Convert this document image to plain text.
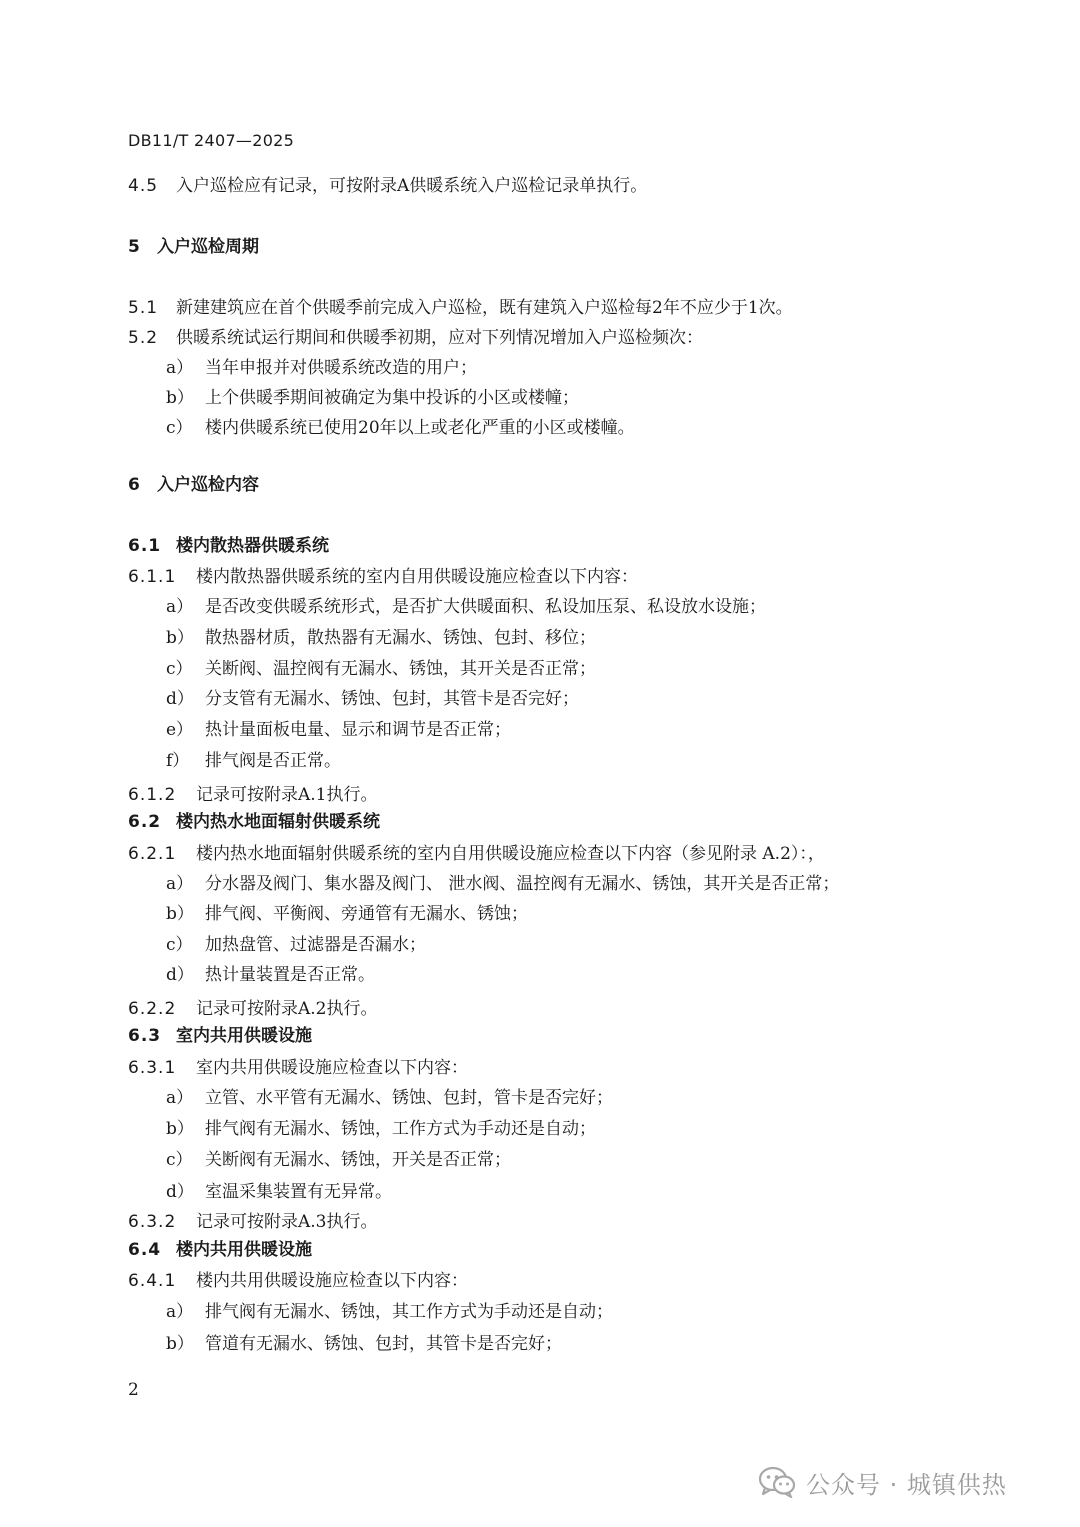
DB11/T 2407—2025
4.5 入户巡检应有记录，可按附录A供暖系统入户巡检记录单执行。
5 入户巡检周期
5.1 新建建筑应在首个供暖季前完成入户巡检，既有建筑入户巡检每2年不应少于1次。
5.2 供暖系统试运行期间和供暖季初期，应对下列情况增加入户巡检频次：
a） 当年申报并对供暖系统改造的用户；
b） 上个供暖季期间被确定为集中投诉的小区或楼幢；
c） 楼内供暖系统已使用20年以上或老化严重的小区或楼幢。
6 入户巡检内容
6.1 楼内散热器供暖系统
6.1.1 楼内散热器供暖系统的室内自用供暖设施应检查以下内容：
a） 是否改变供暖系统形式，是否扩大供暖面积、私设加压泵、私设放水设施；
b） 散热器材质，散热器有无漏水、锈蚀、包封、移位；
c） 关断阀、温控阀有无漏水、锈蚀，其开关是否正常；
d） 分支管有无漏水、锈蚀、包封，其管卡是否完好；
e） 热计量面板电量、显示和调节是否正常；
f） 排气阀是否正常。
6.1.2 记录可按附录A.1执行。
6.2 楼内热水地面辐射供暖系统
6.2.1 楼内热水地面辐射供暖系统的室内自用供暖设施应检查以下内容（参见附录 A.2）：，
a） 分水器及阀门、集水器及阀门、 泄水阀、温控阀有无漏水、锈蚀，其开关是否正常；
b） 排气阀、平衡阀、旁通管有无漏水、锈蚀；
c） 加热盘管、过滤器是否漏水；
d） 热计量装置是否正常。
6.2.2 记录可按附录A.2执行。
6.3 室内共用供暖设施
6.3.1 室内共用供暖设施应检查以下内容：
a） 立管、水平管有无漏水、锈蚀、包封，管卡是否完好；
b） 排气阀有无漏水、锈蚀，工作方式为手动还是自动；
c） 关断阀有无漏水、锈蚀，开关是否正常；
d） 室温采集装置有无异常。
6.3.2 记录可按附录A.3执行。
6.4 楼内共用供暖设施
6.4.1 楼内共用供暖设施应检查以下内容：
a） 排气阀有无漏水、锈蚀，其工作方式为手动还是自动；
b） 管道有无漏水、锈蚀、包封，其管卡是否完好；
2
公众号 · 城镇供热
